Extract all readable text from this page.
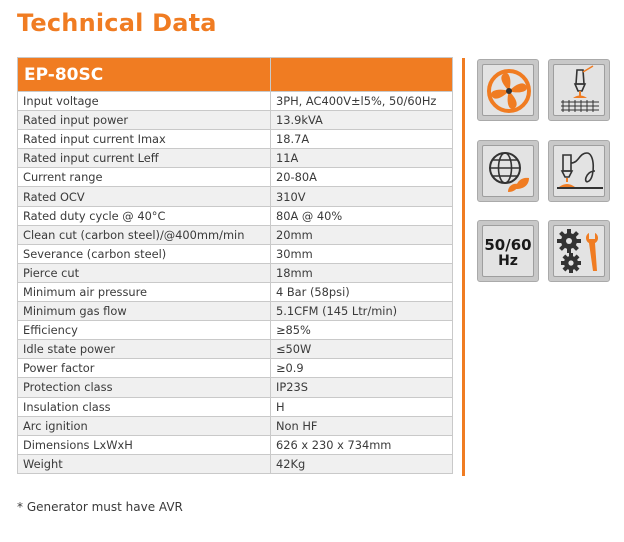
Technical Data
EP-80SC	
Input voltage	3PH, AC400V±l5%, 50/60Hz
Rated input power	13.9kVA
Rated input current Imax	18.7A
Rated input current Leff	11A
Current range	20-80A
Rated OCV	310V
Rated duty cycle @ 40°C	80A @ 40%
Clean cut (carbon steel)/@400mm/min	20mm
Severance (carbon steel)	30mm
Pierce cut	18mm
Minimum air pressure	4 Bar (58psi)
Minimum gas flow	5.1CFM (145 Ltr/min)
Efficiency	≥85%
Idle state power	≤50W
Power factor	≥0.9
Protection class	IP23S
Insulation class	H
Arc ignition	Non HF
Dimensions LxWxH	626 x 230 x 734mm
Weight	42Kg
50/60
Hz
* Generator must have AVR
